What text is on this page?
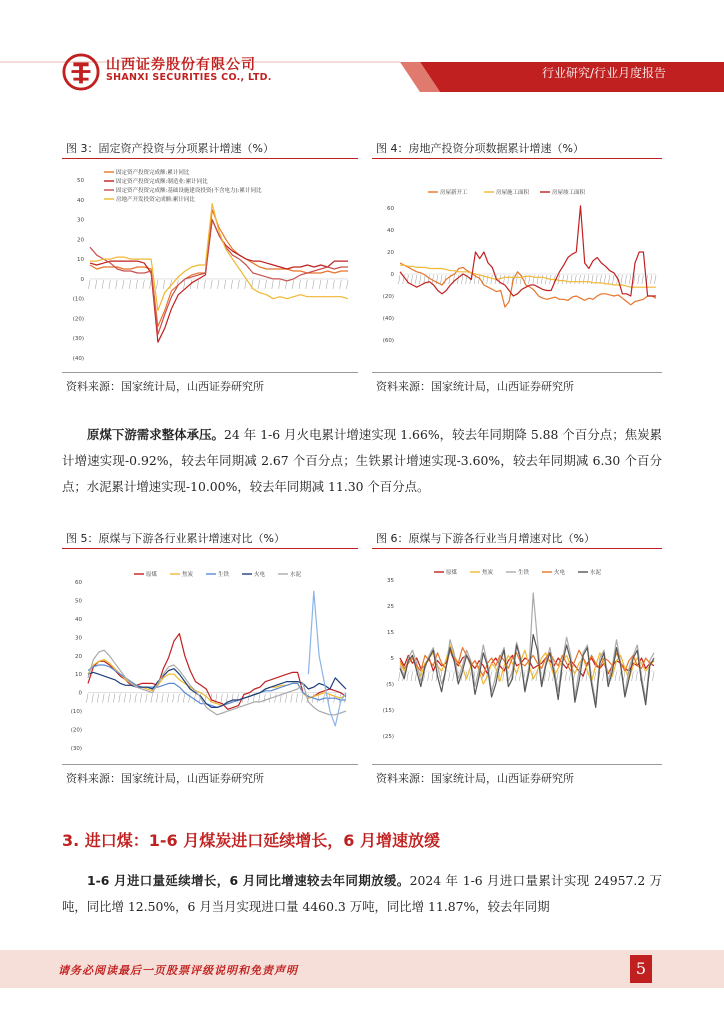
山西证券股份有限公司
SHANXI SECURITIES CO., LTD.	行业研究/行业月度报告
图 3：固定资产投资与分项累计增速（%）
50
40
30
20
10
0
(10)
(20)
(30)
(40)
固定资产投资完成额:累计同比
固定资产投资完成额:制造业:累计同比
固定资产投资完成额:基础设施建设投资(不含电力):累计同比
房地产开发投资完成额:累计同比
资料来源：国家统计局，山西证券研究所
图 4：房地产投资分项数据累计增速（%）
60
40
20
0
(20)
(40)
(60)
房屋新开工	房屋施工面积	房屋竣工面积
资料来源：国家统计局，山西证券研究所
原煤下游需求整体承压。24 年 1-6 月火电累计增速实现 1.66%，较去年同期降 5.88 个百分点；焦炭累计增速实现-0.92%，较去年同期减 2.67 个百分点；生铁累计增速实现-3.60%，较去年同期减 6.30 个百分点；水泥累计增速实现-10.00%，较去年同期减 11.30 个百分点。
图 5：原煤与下游各行业累计增速对比（%）
60
50
40
30
20
10
0
(10)
(20)
(30)
原煤	焦炭	生铁	火电	水泥
资料来源：国家统计局，山西证券研究所
图 6：原煤与下游各行业当月增速对比（%）
35
25
15
5
(5)
(15)
(25)
原煤	焦炭	生铁	火电	水泥
资料来源：国家统计局，山西证券研究所
3. 进口煤：1-6 月煤炭进口延续增长，6 月增速放缓
1-6 月进口量延续增长，6 月同比增速较去年同期放缓。2024 年 1-6 月进口量累计实现 24957.2 万吨，同比增 12.50%，6 月当月实现进口量 4460.3 万吨，同比增 11.87%，较去年同期
请务必阅读最后一页股票评级说明和免责声明	5
